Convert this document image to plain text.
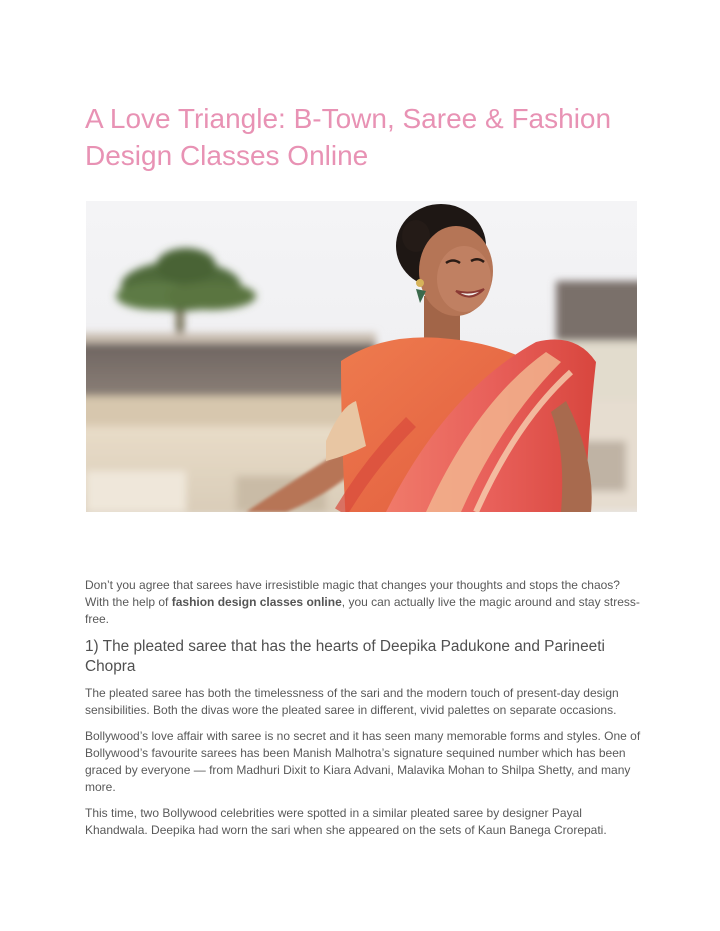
A Love Triangle: B-Town, Saree & Fashion Design Classes Online

Don’t you agree that sarees have irresistible magic that changes your thoughts and stops the chaos? With the help of fashion design classes online, you can actually live the magic around and stay stress-free.

1) The pleated saree that has the hearts of Deepika Padukone and Parineeti Chopra

The pleated saree has both the timelessness of the sari and the modern touch of present-day design sensibilities. Both the divas wore the pleated saree in different, vivid palettes on separate occasions.

Bollywood’s love affair with saree is no secret and it has seen many memorable forms and styles. One of Bollywood’s favourite sarees has been Manish Malhotra’s signature sequined number which has been graced by everyone — from Madhuri Dixit to Kiara Advani, Malavika Mohan to Shilpa Shetty, and many more.

This time, two Bollywood celebrities were spotted in a similar pleated saree by designer Payal Khandwala. Deepika had worn the sari when she appeared on the sets of Kaun Banega Crorepati.
